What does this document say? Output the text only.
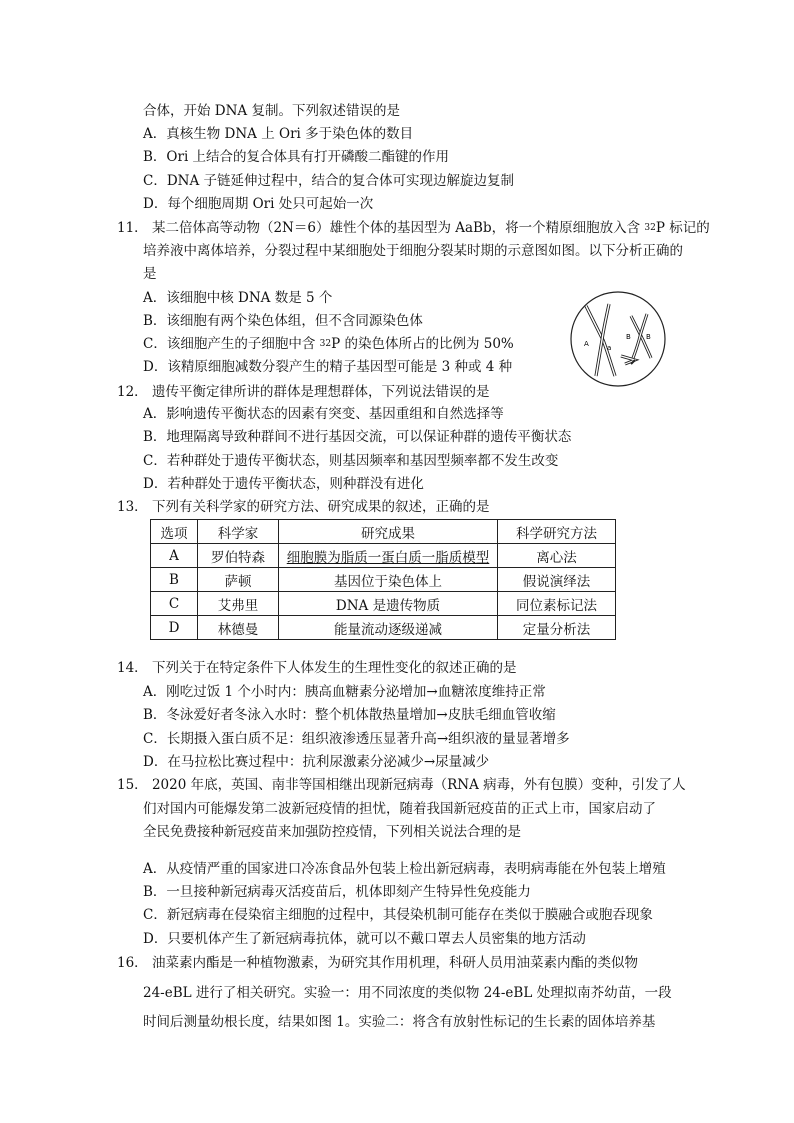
合体，开始 DNA 复制。下列叙述错误的是
A．真核生物 DNA 上 Ori 多于染色体的数目
B．Ori 上结合的复合体具有打开磷酸二酯键的作用
C．DNA 子链延伸过程中，结合的复合体可实现边解旋边复制
D．每个细胞周期 Ori 处只可起始一次
11． 某二倍体高等动物（2N＝6）雄性个体的基因型为 AaBb，将一个精原细胞放入含 $^{32}$P 标记的
培养液中离体培养，分裂过程中某细胞处于细胞分裂某时期的示意图如图。以下分析正确的
是
A．该细胞中核 DNA 数是 5 个
B．该细胞有两个染色体组，但不含同源染色体
C．该细胞产生的子细胞中含 $^{32}$P 的染色体所占的比例为 50%
D．该精原细胞减数分裂产生的精子基因型可能是 3 种或 4 种
A	a
B B
12． 遗传平衡定律所讲的群体是理想群体，下列说法错误的是
A．影响遗传平衡状态的因素有突变、基因重组和自然选择等
B．地理隔离导致种群间不进行基因交流，可以保证种群的遗传平衡状态
C．若种群处于遗传平衡状态，则基因频率和基因型频率都不发生改变
D．若种群处于遗传平衡状态，则种群没有进化
13． 下列有关科学家的研究方法、研究成果的叙述，正确的是
选项	科学家	研究成果	科学研究方法
A	罗伯特森	细胞膜为脂质一蛋白质一脂质模型	离心法
B	萨顿	基因位于染色体上	假说演绎法
C	艾弗里	DNA 是遗传物质	同位素标记法
D	林德曼	能量流动逐级递减	定量分析法
14． 下列关于在特定条件下人体发生的生理性变化的叙述正确的是
A．刚吃过饭 1 个小时内：胰高血糖素分泌增加→血糖浓度维持正常
B．冬泳爱好者冬泳入水时：整个机体散热量增加→皮肤毛细血管收缩
C．长期摄入蛋白质不足：组织液渗透压显著升高→组织液的量显著增多
D．在马拉松比赛过程中：抗利尿激素分泌减少→尿量减少
15． 2020 年底，英国、南非等国相继出现新冠病毒（RNA 病毒，外有包膜）变种，引发了人
们对国内可能爆发第二波新冠疫情的担忧，随着我国新冠疫苗的正式上市，国家启动了
全民免费接种新冠疫苗来加强防控疫情，下列相关说法合理的是
A．从疫情严重的国家进口冷冻食品外包装上检出新冠病毒，表明病毒能在外包装上增殖
B．一旦接种新冠病毒灭活疫苗后，机体即刻产生特异性免疫能力
C．新冠病毒在侵染宿主细胞的过程中，其侵染机制可能存在类似于膜融合或胞吞现象
D．只要机体产生了新冠病毒抗体，就可以不戴口罩去人员密集的地方活动
16． 油菜素内酯是一种植物激素，为研究其作用机理，科研人员用油菜素内酯的类似物
24-eBL 进行了相关研究。实验一：用不同浓度的类似物 24-eBL 处理拟南芥幼苗，一段
时间后测量幼根长度，结果如图 1。实验二：将含有放射性标记的生长素的固体培养基
